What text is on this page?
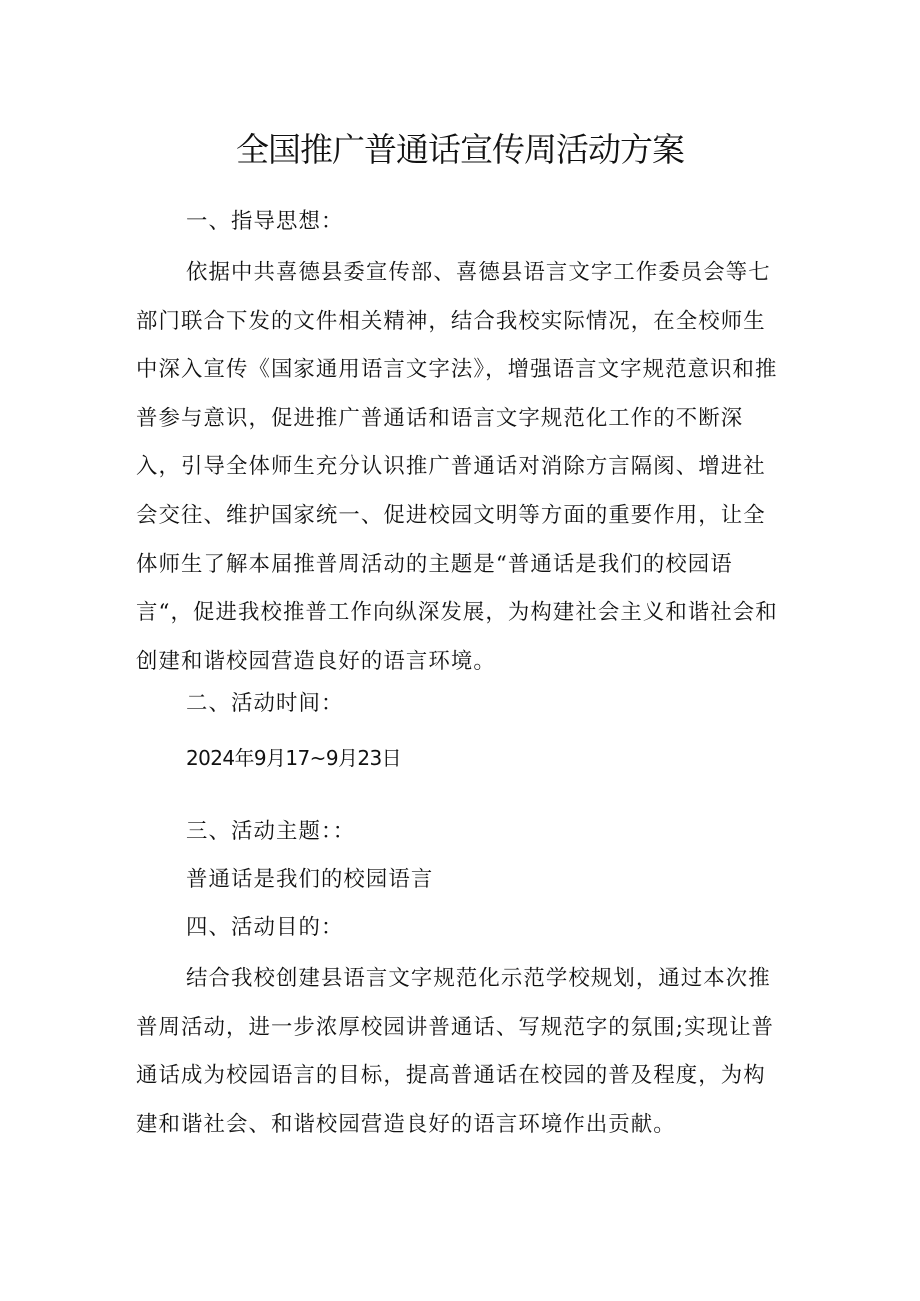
全国推广普通话宣传周活动方案

一、指导思想：

依据中共喜德县委宣传部、喜德县语言文字工作委员会等七部门联合下发的文件相关精神，结合我校实际情况，在全校师生中深入宣传《国家通用语言文字法》，增强语言文字规范意识和推普参与意识，促进推广普通话和语言文字规范化工作的不断深入，引导全体师生充分认识推广普通话对消除方言隔阂、增进社会交往、维护国家统一、促进校园文明等方面的重要作用，让全体师生了解本届推普周活动的主题是“普通话是我们的校园语言“，促进我校推普工作向纵深发展，为构建社会主义和谐社会和创建和谐校园营造良好的语言环境。

二、活动时间：

2024年9月17~9月23日

三、活动主题：：

普通话是我们的校园语言

四、活动目的：

结合我校创建县语言文字规范化示范学校规划，通过本次推普周活动，进一步浓厚校园讲普通话、写规范字的氛围;实现让普通话成为校园语言的目标，提高普通话在校园的普及程度，为构建和谐社会、和谐校园营造良好的语言环境作出贡献。
